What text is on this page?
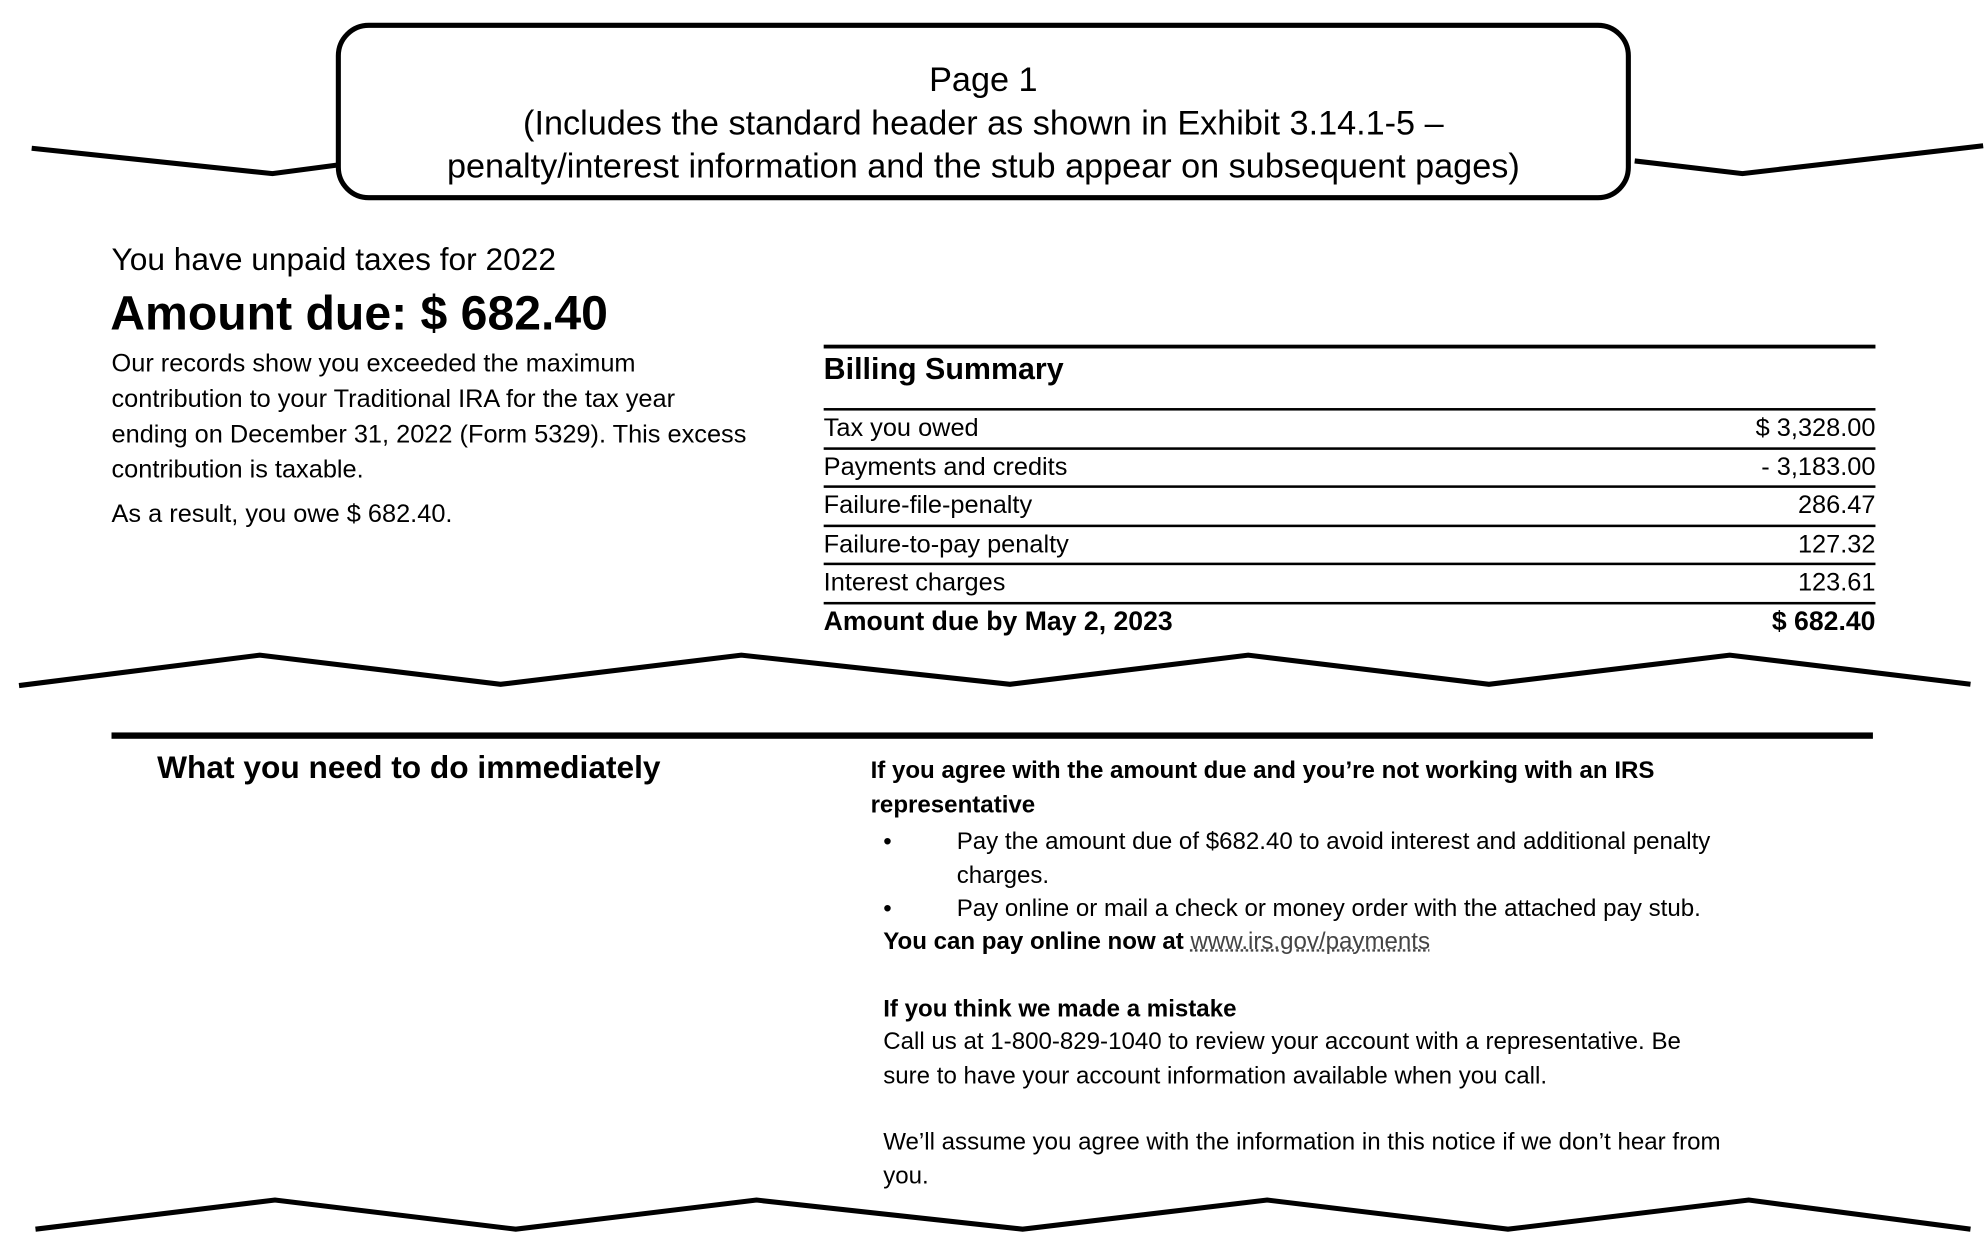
Page 1
(Includes the standard header as shown in Exhibit 3.14.1-5 –
penalty/interest information and the stub appear on subsequent pages)
You have unpaid taxes for 2022
Amount due: $ 682.40
Our records show you exceeded the maximum
contribution to your Traditional IRA for the tax year
ending on December 31, 2022 (Form 5329). This excess
contribution is taxable.
As a result, you owe $ 682.40.
Billing Summary
Tax you owed	$ 3,328.00
Payments and credits	- 3,183.00
Failure-file-penalty	286.47
Failure-to-pay penalty	127.32
Interest charges	123.61
Amount due by May 2, 2023	$ 682.40
What you need to do immediately	If you agree with the amount due and you’re not working with an IRS
representative
•	Pay the amount due of $682.40 to avoid interest and additional penalty
charges.
•	Pay online or mail a check or money order with the attached pay stub.
You can pay online now at www.irs.gov/payments
If you think we made a mistake
Call us at 1-800-829-1040 to review your account with a representative. Be
sure to have your account information available when you call.
We’ll assume you agree with the information in this notice if we don’t hear from
you.
